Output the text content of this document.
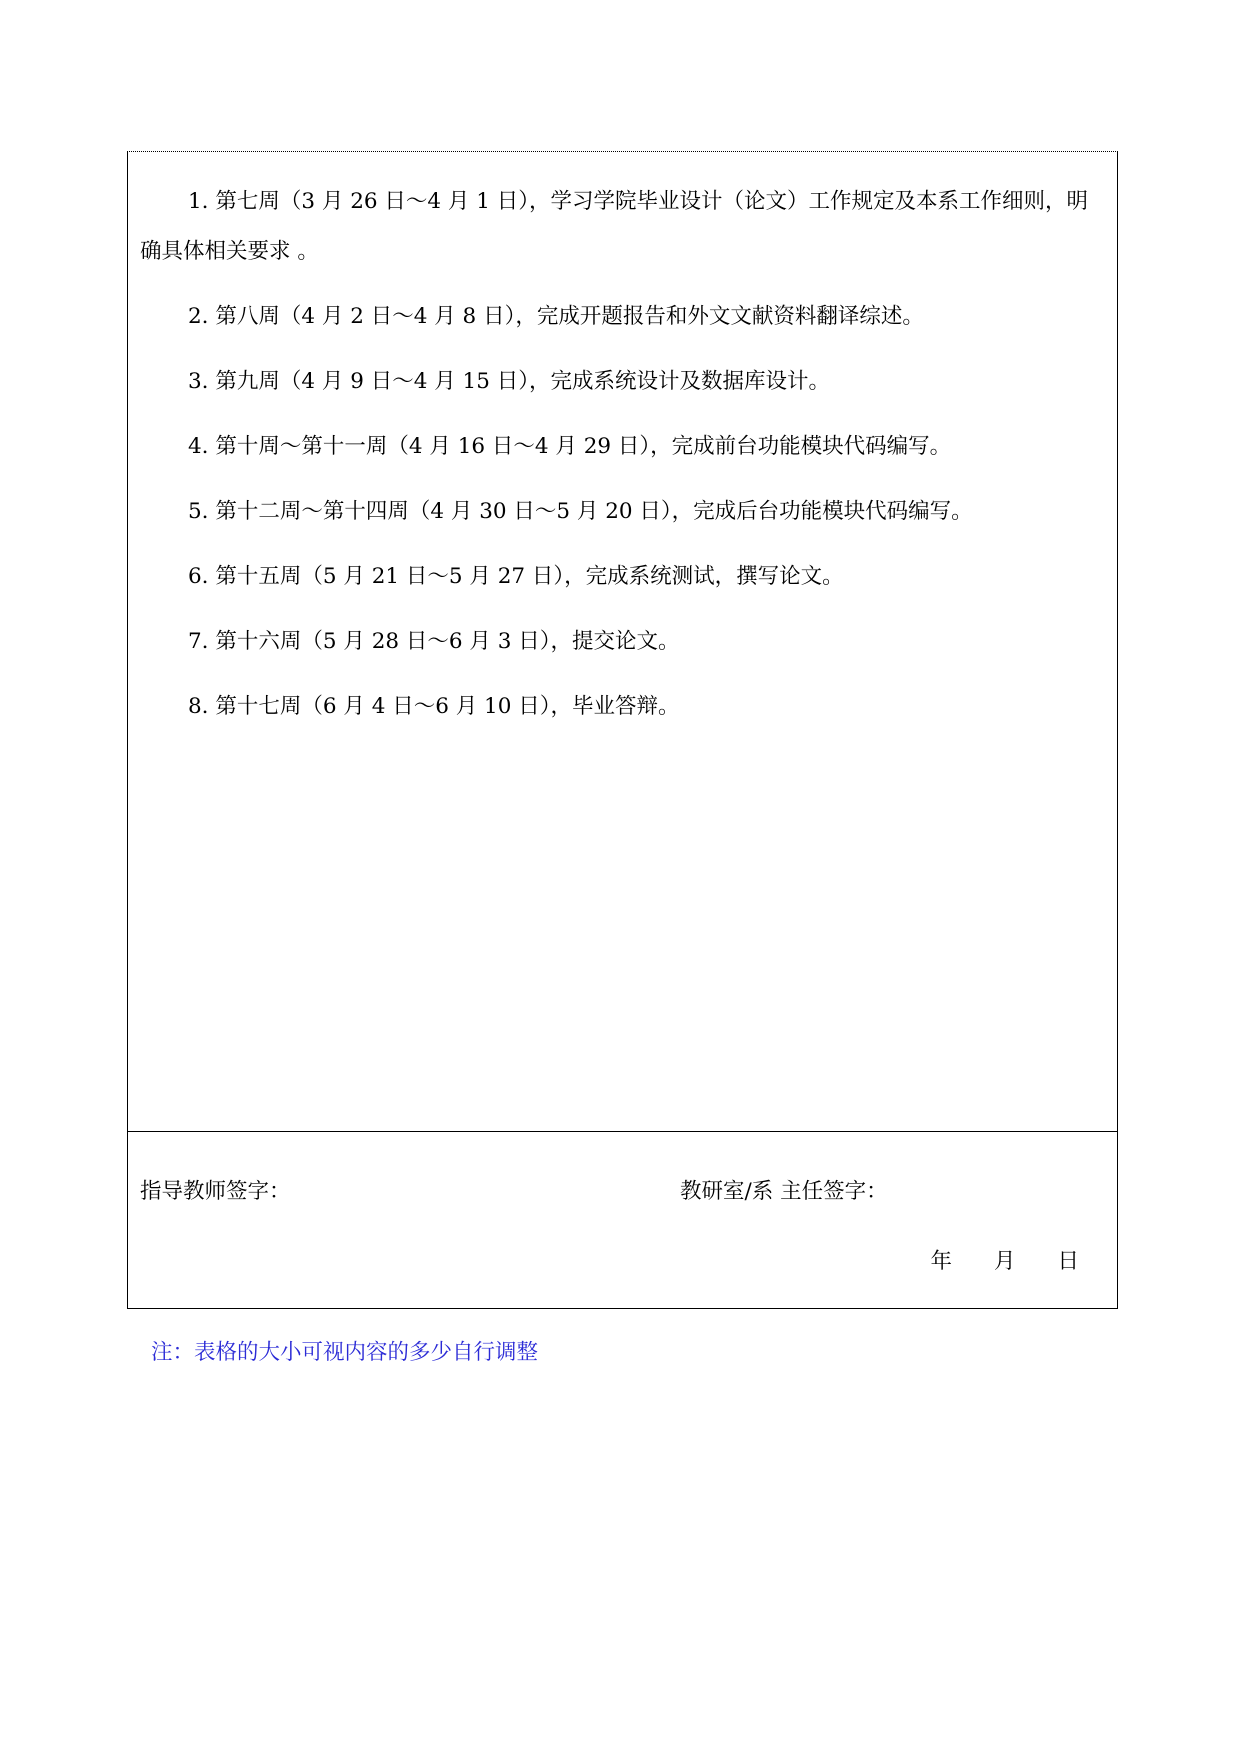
1. 第七周（3 月 26 日～4 月 1 日），学习学院毕业设计（论文）工作规定及本系工作细则，明确具体相关要求 。
2. 第八周（4 月 2 日～4 月 8 日），完成开题报告和外文文献资料翻译综述。
3. 第九周（4 月 9 日～4 月 15 日），完成系统设计及数据库设计。
4. 第十周～第十一周（4 月 16 日～4 月 29 日），完成前台功能模块代码编写。
5. 第十二周～第十四周（4 月 30 日～5 月 20 日），完成后台功能模块代码编写。
6. 第十五周（5 月 21 日～5 月 27 日），完成系统测试，撰写论文。
7. 第十六周（5 月 28 日～6 月 3 日），提交论文。
8. 第十七周（6 月 4 日～6 月 10 日），毕业答辩。
指导教师签字：	教研室/系 主任签字：
年 月 日
注：表格的大小可视内容的多少自行调整
